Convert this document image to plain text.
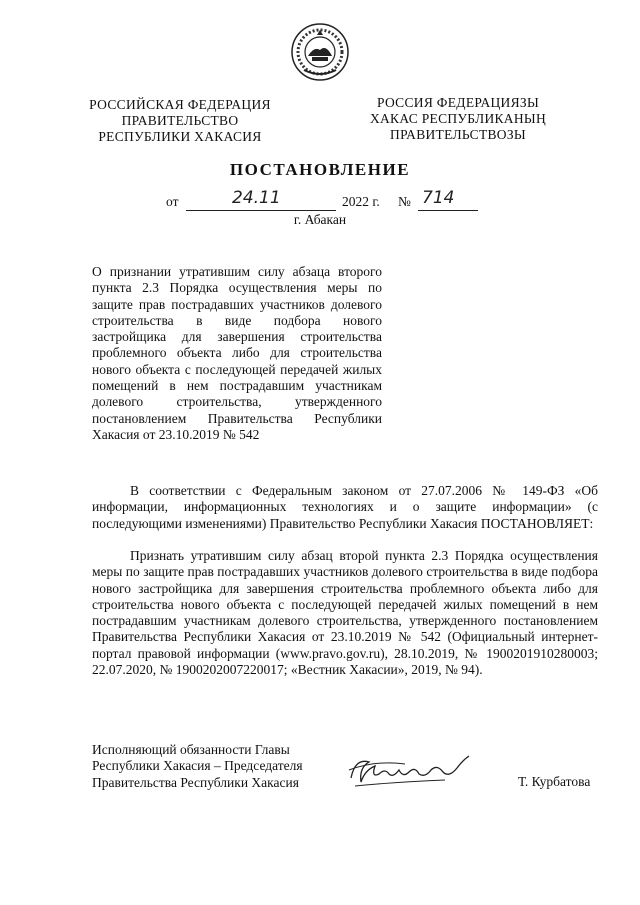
РОССИЙСКАЯ ФЕДЕРАЦИЯ
ПРАВИТЕЛЬСТВО
РЕСПУБЛИКИ ХАКАСИЯ
РОССИЯ ФЕДЕРАЦИЯЗЫ
ХАКАС РЕСПУБЛИКАНЫҢ
ПРАВИТЕЛЬСТВОЗЫ
ПОСТАНОВЛЕНИЕ
от	24.11	2022 г. № 714
г. Абакан
О признании утратившим силу абзаца второго пункта 2.3 Порядка осуществления меры по защите прав пострадавших участников долевого строительства в виде подбора нового застройщика для завершения строительства проблемного объекта либо для строительства нового объекта с последующей передачей жилых помещений в нем пострадавшим участникам долевого строительства, утвержденного постановлением Правительства Республики Хакасия от 23.10.2019 № 542
В соответствии с Федеральным законом от 27.07.2006 № 149-ФЗ «Об информации, информационных технологиях и о защите информации» (с последующими изменениями) Правительство Республики Хакасия ПОСТАНОВЛЯЕТ:
Признать утратившим силу абзац второй пункта 2.3 Порядка осуществления меры по защите прав пострадавших участников долевого строительства в виде подбора нового застройщика для завершения строительства проблемного объекта либо для строительства нового объекта с последующей передачей жилых помещений в нем пострадавшим участникам долевого строительства, утвержденного постановлением Правительства Республики Хакасия от 23.10.2019 № 542 (Официальный интернет-портал правовой информации (www.pravo.gov.ru), 28.10.2019, № 1900201910280003; 22.07.2020, № 1900202007220017; «Вестник Хакасии», 2019, № 94).
Исполняющий обязанности Главы
Республики Хакасия – Председателя
Правительства Республики Хакасия	Т. Курбатова
